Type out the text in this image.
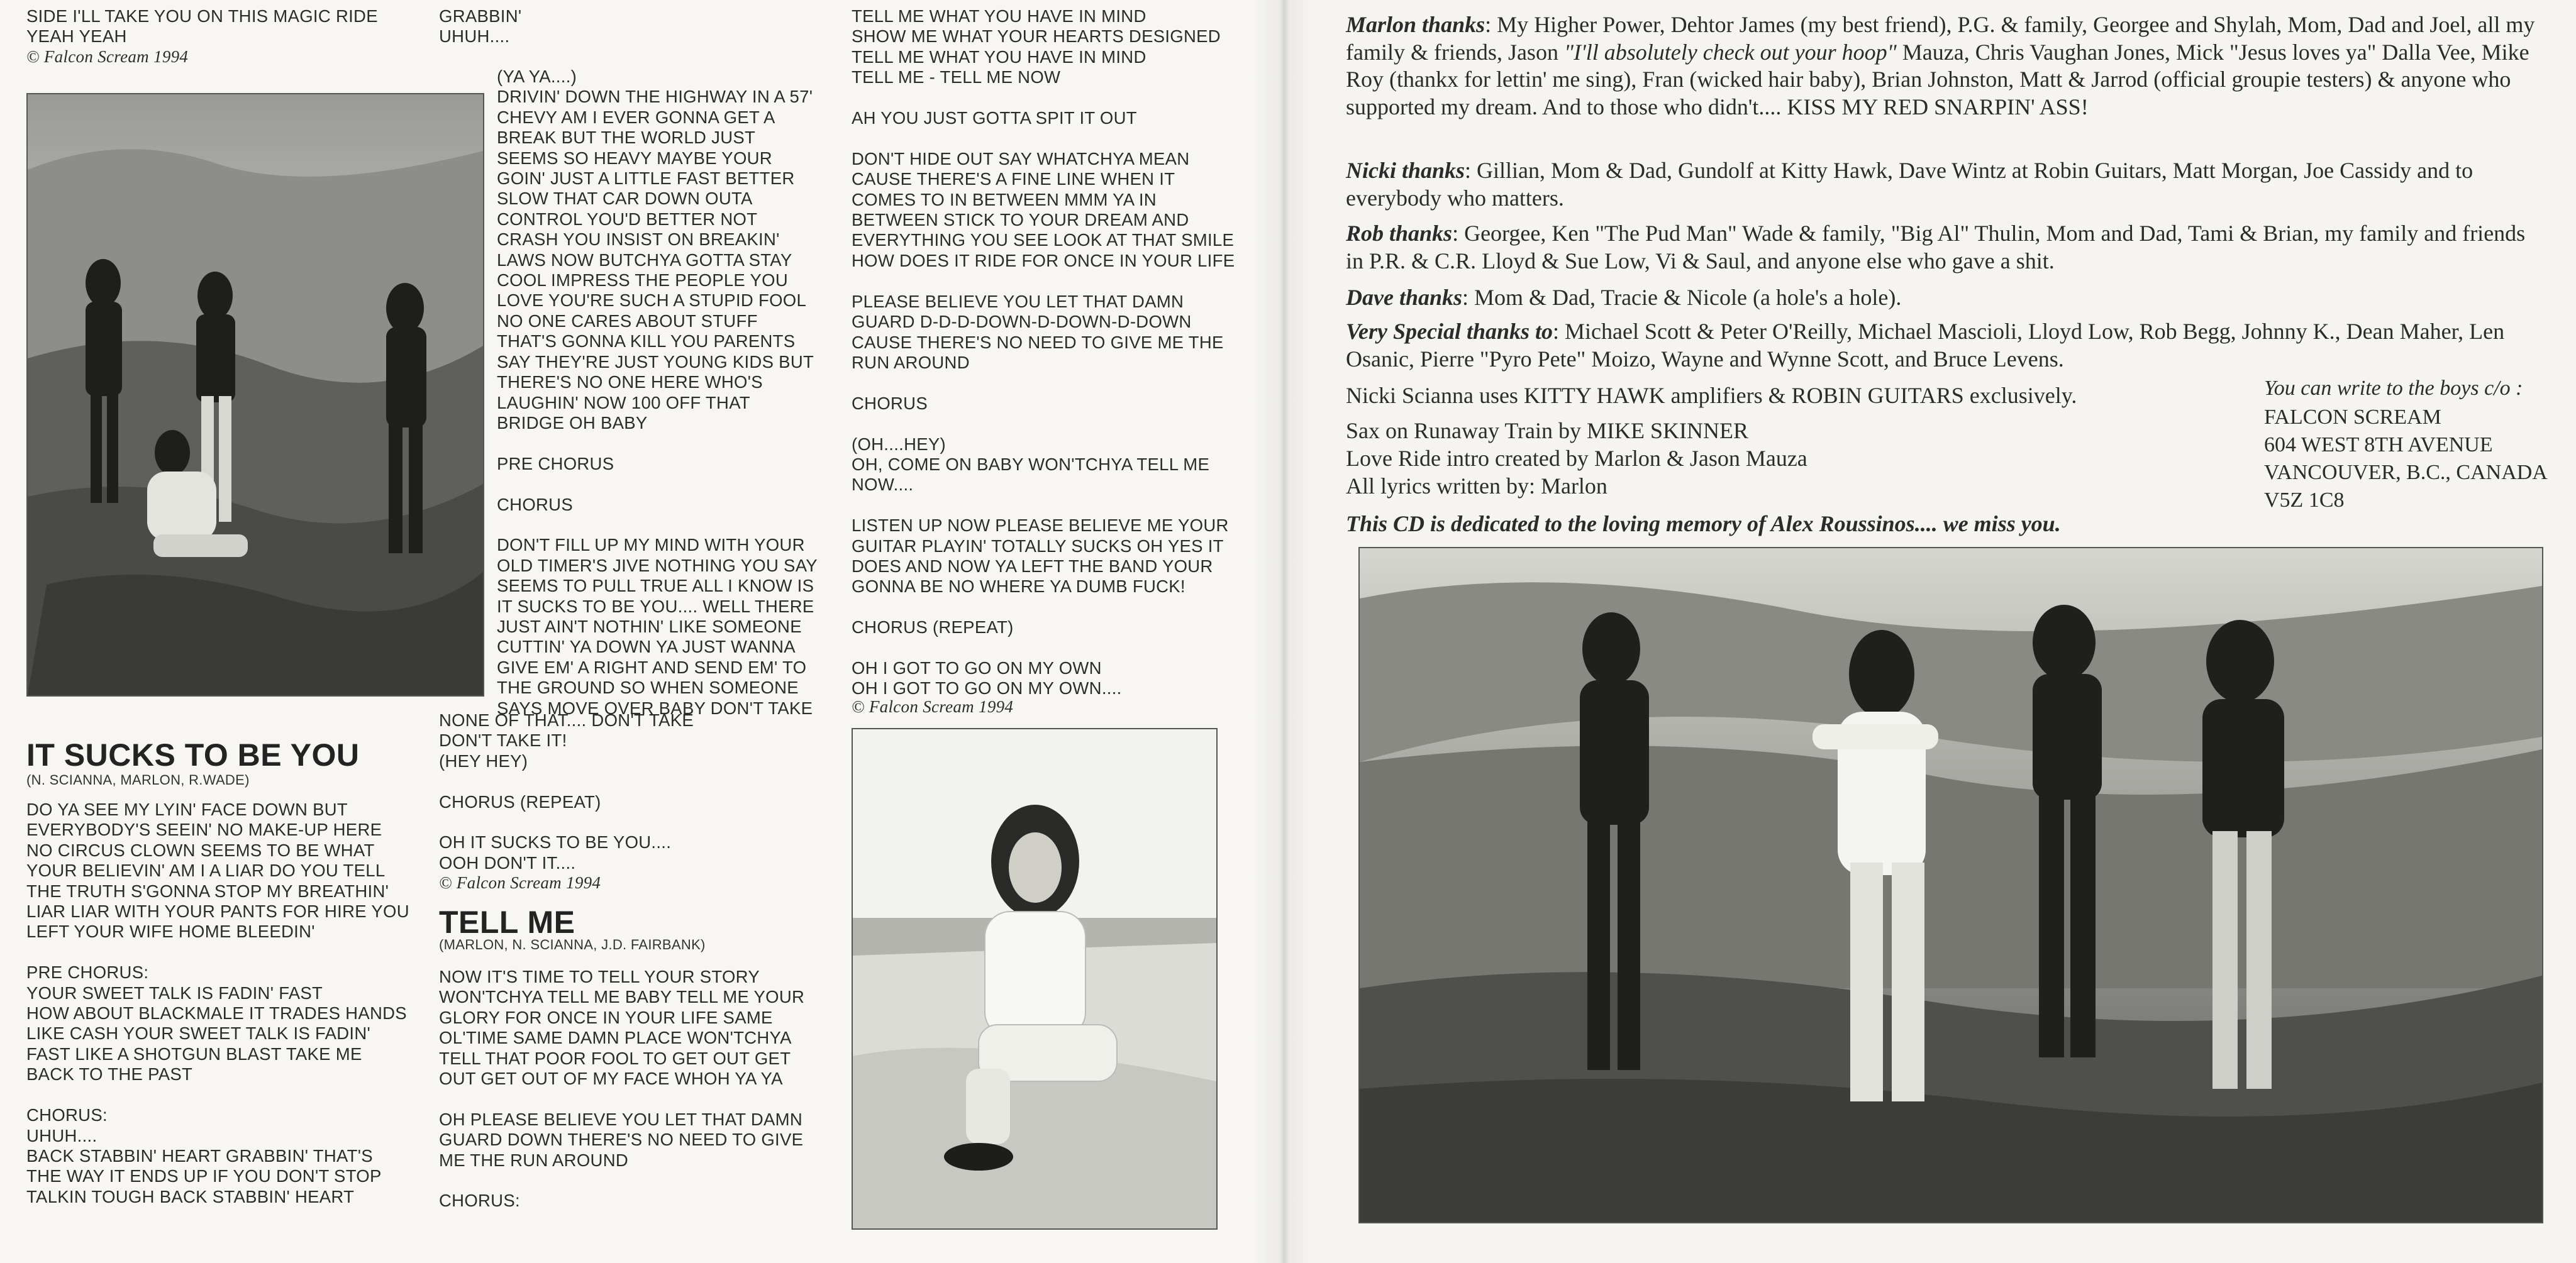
SIDE I'LL TAKE YOU ON THIS MAGIC RIDE
YEAH YEAH
© Falcon Scream 1994
IT SUCKS TO BE YOU
(N. SCIANNA, MARLON, R.WADE)
DO YA SEE MY LYIN' FACE DOWN BUT
EVERYBODY'S SEEIN' NO MAKE-UP HERE
NO CIRCUS CLOWN SEEMS TO BE WHAT
YOUR BELIEVIN' AM I A LIAR DO YOU TELL
THE TRUTH S'GONNA STOP MY BREATHIN'
LIAR LIAR WITH YOUR PANTS FOR HIRE YOU
LEFT YOUR WIFE HOME BLEEDIN'

PRE CHORUS:
YOUR SWEET TALK IS FADIN' FAST
HOW ABOUT BLACKMALE IT TRADES HANDS
LIKE CASH YOUR SWEET TALK IS FADIN'
FAST LIKE A SHOTGUN BLAST TAKE ME
BACK TO THE PAST

CHORUS:
UHUH....
BACK STABBIN' HEART GRABBIN' THAT'S
THE WAY IT ENDS UP IF YOU DON'T STOP
TALKIN TOUGH BACK STABBIN' HEART
GRABBIN'
UHUH....
(YA YA....)
DRIVIN' DOWN THE HIGHWAY IN A 57'
CHEVY AM I EVER GONNA GET A
BREAK BUT THE WORLD JUST
SEEMS SO HEAVY MAYBE YOUR
GOIN' JUST A LITTLE FAST BETTER
SLOW THAT CAR DOWN OUTA
CONTROL YOU'D BETTER NOT
CRASH YOU INSIST ON BREAKIN'
LAWS NOW BUTCHYA GOTTA STAY
COOL IMPRESS THE PEOPLE YOU
LOVE YOU'RE SUCH A STUPID FOOL
NO ONE CARES ABOUT STUFF
THAT'S GONNA KILL YOU PARENTS
SAY THEY'RE JUST YOUNG KIDS BUT
THERE'S NO ONE HERE WHO'S
LAUGHIN' NOW 100 OFF THAT
BRIDGE OH BABY

PRE CHORUS

CHORUS

DON'T FILL UP MY MIND WITH YOUR
OLD TIMER'S JIVE NOTHING YOU SAY
SEEMS TO PULL TRUE ALL I KNOW IS
IT SUCKS TO BE YOU.... WELL THERE
JUST AIN'T NOTHIN' LIKE SOMEONE
CUTTIN' YA DOWN YA JUST WANNA
GIVE EM' A RIGHT AND SEND EM' TO
THE GROUND SO WHEN SOMEONE
SAYS MOVE OVER BABY DON'T TAKE
NONE OF THAT.... DON'T TAKE
DON'T TAKE IT!
(HEY HEY)

CHORUS (REPEAT)

OH IT SUCKS TO BE YOU....
OOH DON'T IT....
© Falcon Scream 1994
TELL ME
(MARLON, N. SCIANNA, J.D. FAIRBANK)
NOW IT'S TIME TO TELL YOUR STORY
WON'TCHYA TELL ME BABY TELL ME YOUR
GLORY FOR ONCE IN YOUR LIFE SAME
OL'TIME SAME DAMN PLACE WON'TCHYA
TELL THAT POOR FOOL TO GET OUT GET
OUT GET OUT OF MY FACE WHOH YA YA

OH PLEASE BELIEVE YOU LET THAT DAMN
GUARD DOWN THERE'S NO NEED TO GIVE
ME THE RUN AROUND

CHORUS:
TELL ME WHAT YOU HAVE IN MIND
SHOW ME WHAT YOUR HEARTS DESIGNED
TELL ME WHAT YOU HAVE IN MIND
TELL ME - TELL ME NOW

AH YOU JUST GOTTA SPIT IT OUT

DON'T HIDE OUT SAY WHATCHYA MEAN
CAUSE THERE'S A FINE LINE WHEN IT
COMES TO IN BETWEEN MMM YA IN
BETWEEN STICK TO YOUR DREAM AND
EVERYTHING YOU SEE LOOK AT THAT SMILE
HOW DOES IT RIDE FOR ONCE IN YOUR LIFE

PLEASE BELIEVE YOU LET THAT DAMN
GUARD D-D-D-DOWN-D-DOWN-D-DOWN
CAUSE THERE'S NO NEED TO GIVE ME THE
RUN AROUND

CHORUS

(OH....HEY)
OH, COME ON BABY WON'TCHYA TELL ME
NOW....

LISTEN UP NOW PLEASE BELIEVE ME YOUR
GUITAR PLAYIN' TOTALLY SUCKS OH YES IT
DOES AND NOW YA LEFT THE BAND YOUR
GONNA BE NO WHERE YA DUMB FUCK!

CHORUS (REPEAT)

OH I GOT TO GO ON MY OWN
OH I GOT TO GO ON MY OWN....
© Falcon Scream 1994
Marlon thanks: My Higher Power, Dehtor James (my best friend), P.G. & family, Georgee and Shylah, Mom, Dad and Joel, all my family & friends, Jason "I'll absolutely check out your hoop" Mauza, Chris Vaughan Jones, Mick "Jesus loves ya" Dalla Vee, Mike Roy (thankx for lettin' me sing), Fran (wicked hair baby), Brian Johnston, Matt & Jarrod (official groupie testers) & anyone who supported my dream. And to those who didn't.... KISS MY RED SNARPIN' ASS!
Nicki thanks: Gillian, Mom & Dad, Gundolf at Kitty Hawk, Dave Wintz at Robin Guitars, Matt Morgan, Joe Cassidy and to everybody who matters.
Rob thanks: Georgee, Ken "The Pud Man" Wade & family, "Big Al" Thulin, Mom and Dad, Tami & Brian, my family and friends in P.R. & C.R. Lloyd & Sue Low, Vi & Saul, and anyone else who gave a shit.
Dave thanks: Mom & Dad, Tracie & Nicole (a hole's a hole).
Very Special thanks to: Michael Scott & Peter O'Reilly, Michael Mascioli, Lloyd Low, Rob Begg, Johnny K., Dean Maher, Len Osanic, Pierre "Pyro Pete" Moizo, Wayne and Wynne Scott, and Bruce Levens.
Nicki Scianna uses KITTY HAWK amplifiers & ROBIN GUITARS exclusively.
Sax on Runaway Train by MIKE SKINNER
Love Ride intro created by Marlon & Jason Mauza
All lyrics written by: Marlon
You can write to the boys c/o :
FALCON SCREAM
604 WEST 8TH AVENUE
VANCOUVER, B.C., CANADA
V5Z 1C8
This CD is dedicated to the loving memory of Alex Roussinos.... we miss you.
